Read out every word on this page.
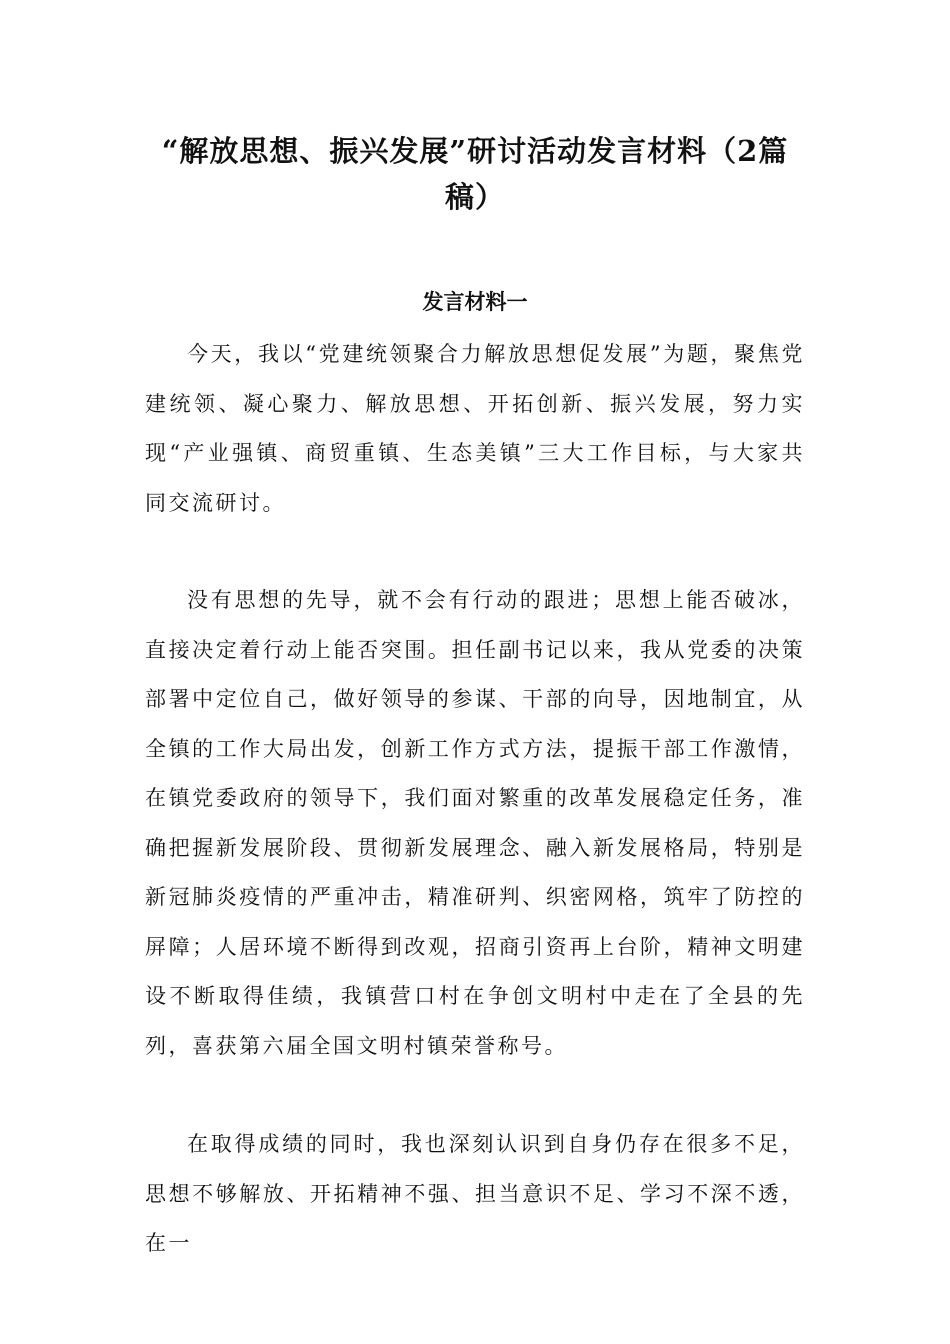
“解放思想、振兴发展”研讨活动发言材料（2篇稿）
发言材料一

今天，我以“党建统领聚合力解放思想促发展”为题，聚焦党建统领、凝心聚力、解放思想、开拓创新、振兴发展，努力实现“产业强镇、商贸重镇、生态美镇”三大工作目标，与大家共同交流研讨。

没有思想的先导，就不会有行动的跟进；思想上能否破冰，直接决定着行动上能否突围。担任副书记以来，我从党委的决策部署中定位自己，做好领导的参谋、干部的向导，因地制宜，从全镇的工作大局出发，创新工作方式方法，提振干部工作激情，在镇党委政府的领导下，我们面对繁重的改革发展稳定任务，准确把握新发展阶段、贯彻新发展理念、融入新发展格局，特别是新冠肺炎疫情的严重冲击，精准研判、织密网格，筑牢了防控的屏障；人居环境不断得到改观，招商引资再上台阶，精神文明建设不断取得佳绩，我镇营口村在争创文明村中走在了全县的先列，喜获第六届全国文明村镇荣誉称号。

在取得成绩的同时，我也深刻认识到自身仍存在很多不足，思想不够解放、开拓精神不强、担当意识不足、学习不深不透，在一
